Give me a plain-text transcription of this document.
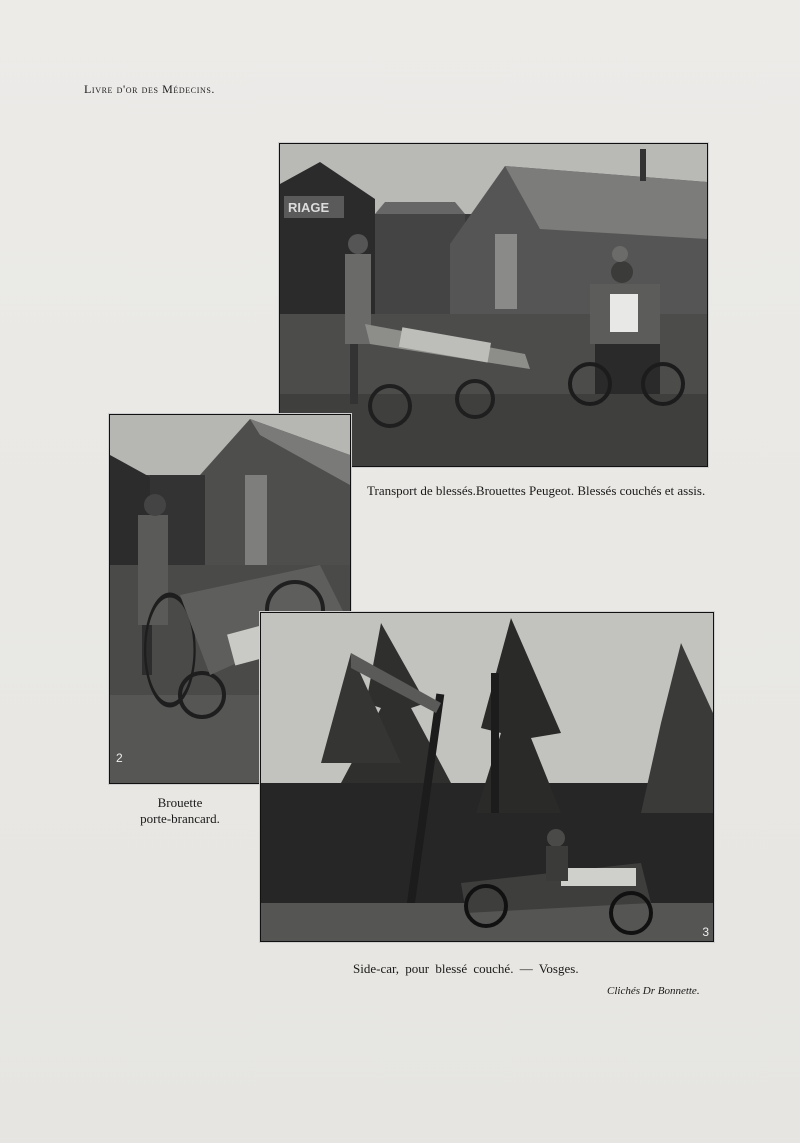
Livre d'or des Médecins.
RIAGE
2
3
Transport de blessés.Brouettes Peugeot. Blessés couchés et assis.
Brouette
porte-brancard.
Side-car, pour blessé couché. — Vosges.
Clichés Dr Bonnette.
